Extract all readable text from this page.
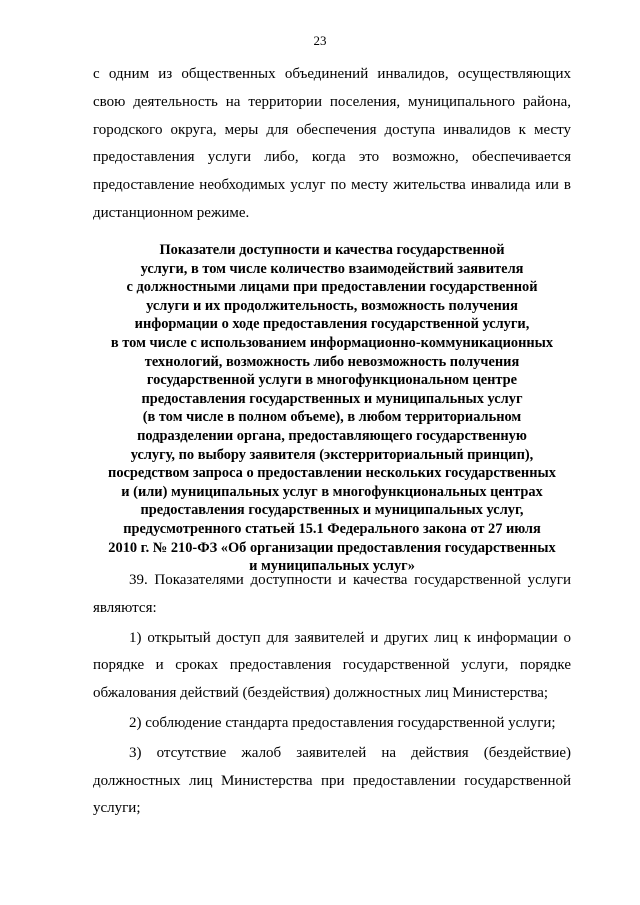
23

с одним из общественных объединений инвалидов, осуществляющих свою деятельность на территории поселения, муниципального района, городского округа, меры для обеспечения доступа инвалидов к месту предоставления услуги либо, когда это возможно, обеспечивается предоставление необходимых услуг по месту жительства инвалида или в дистанционном режиме.

Показатели доступности и качества государственной
услуги, в том числе количество взаимодействий заявителя
с должностными лицами при предоставлении государственной
услуги и их продолжительность, возможность получения
информации о ходе предоставления государственной услуги,
в том числе с использованием информационно-коммуникационных
технологий, возможность либо невозможность получения
государственной услуги в многофункциональном центре
предоставления государственных и муниципальных услуг
(в том числе в полном объеме), в любом территориальном
подразделении органа, предоставляющего государственную
услугу, по выбору заявителя (экстерриториальный принцип),
посредством запроса о предоставлении нескольких государственных
и (или) муниципальных услуг в многофункциональных центрах
предоставления государственных и муниципальных услуг,
предусмотренного статьей 15.1 Федерального закона от 27 июля
2010 г. № 210-ФЗ «Об организации предоставления государственных
и муниципальных услуг»

39. Показателями доступности и качества государственной услуги являются:

1) открытый доступ для заявителей и других лиц к информации о порядке и сроках предоставления государственной услуги, порядке обжалования действий (бездействия) должностных лиц Министерства;

2) соблюдение стандарта предоставления государственной услуги;

3) отсутствие жалоб заявителей на действия (бездействие) должностных лиц Министерства при предоставлении государственной услуги;
